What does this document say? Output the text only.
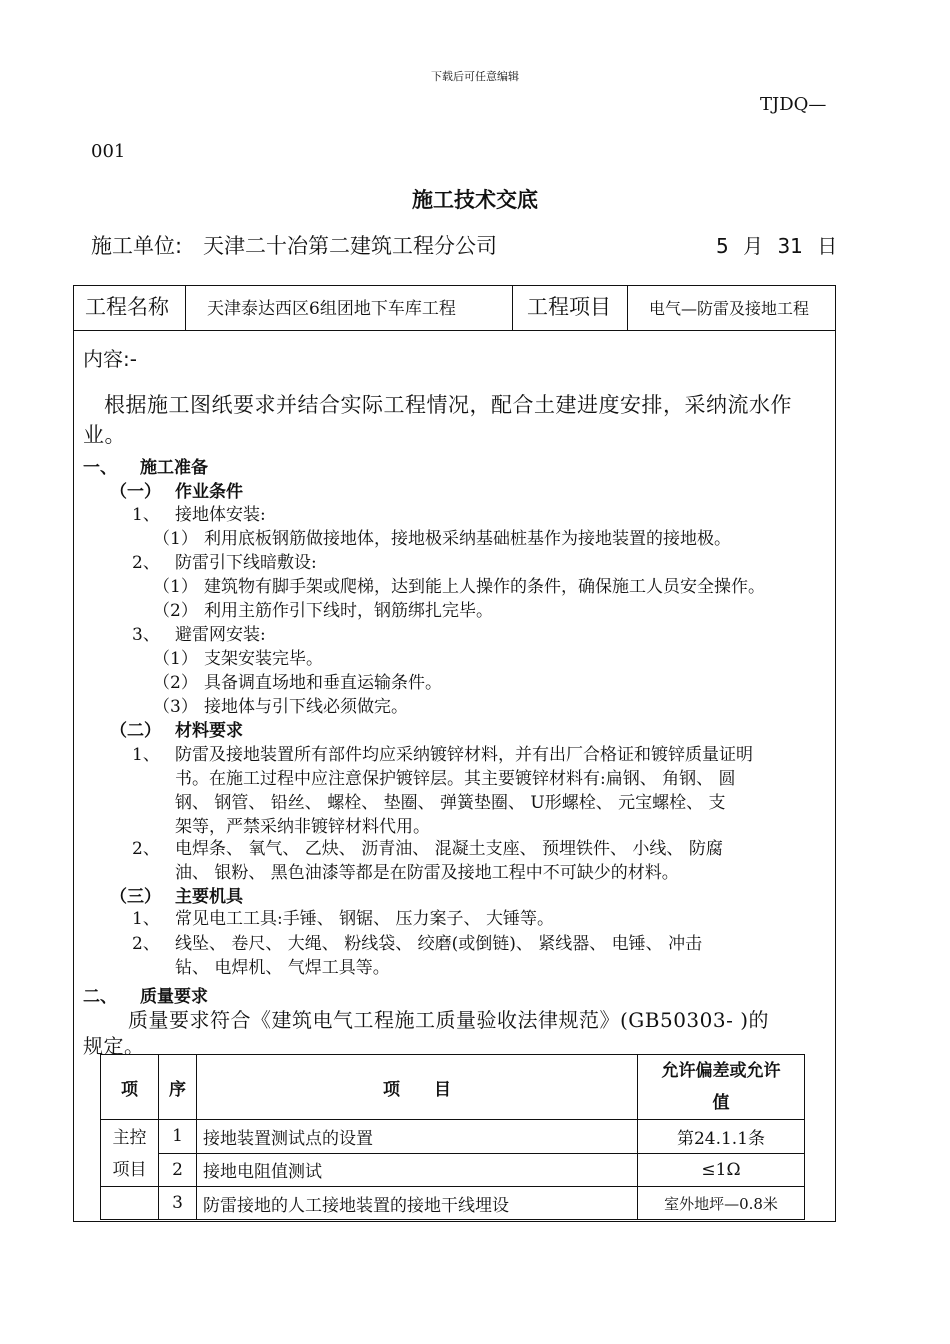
下载后可任意编辑
TJDQ—
001
施工技术交底
施工单位: 天津二十冶第二建筑工程分公司	5 月 31 日
工程名称 天津泰达西区6组团地下车库工程	工程项目 电气—防雷及接地工程
内容:-
根据施工图纸要求并结合实际工程情况，配合土建进度安排，采纳流水作
业。
一、 施工准备
（一） 作业条件
1、 接地体安装:
（1） 利用底板钢筋做接地体，接地极采纳基础桩基作为接地装置的接地极。
2、 防雷引下线暗敷设:
（1） 建筑物有脚手架或爬梯，达到能上人操作的条件，确保施工人员安全操作。
（2） 利用主筋作引下线时，钢筋绑扎完毕。
3、 避雷网安装:
（1） 支架安装完毕。
（2） 具备调直场地和垂直运输条件。
（3） 接地体与引下线必须做完。
（二） 材料要求
1、 防雷及接地装置所有部件均应采纳镀锌材料，并有出厂合格证和镀锌质量证明
书。在施工过程中应注意保护镀锌层。其主要镀锌材料有:扁钢、 角钢、 圆
钢、 钢管、 铅丝、 螺栓、 垫圈、 弹簧垫圈、 U形螺栓、 元宝螺栓、 支
架等，严禁采纳非镀锌材料代用。
2、 电焊条、 氧气、 乙炔、 沥青油、 混凝土支座、 预埋铁件、 小线、 防腐
油、 银粉、 黑色油漆等都是在防雷及接地工程中不可缺少的材料。
（三） 主要机具
1、 常见电工工具:手锤、 钢锯、 压力案子、 大锤等。
2、 线坠、 卷尺、 大绳、 粉线袋、 绞磨(或倒链)、 紧线器、 电锤、 冲击
钻、 电焊机、 气焊工具等。
二、 质量要求
质量要求符合《建筑电气工程施工质量验收法律规范》(GB50303- )的
规定。
项	序	项　　目	允许偏差或允许
值

主控
项目	1	接地装置测试点的设置	第24.1.1条
	2	接地电阻值测试	≤1Ω
	3	防雷接地的人工接地装置的接地干线埋设	室外地坪—0.8米
